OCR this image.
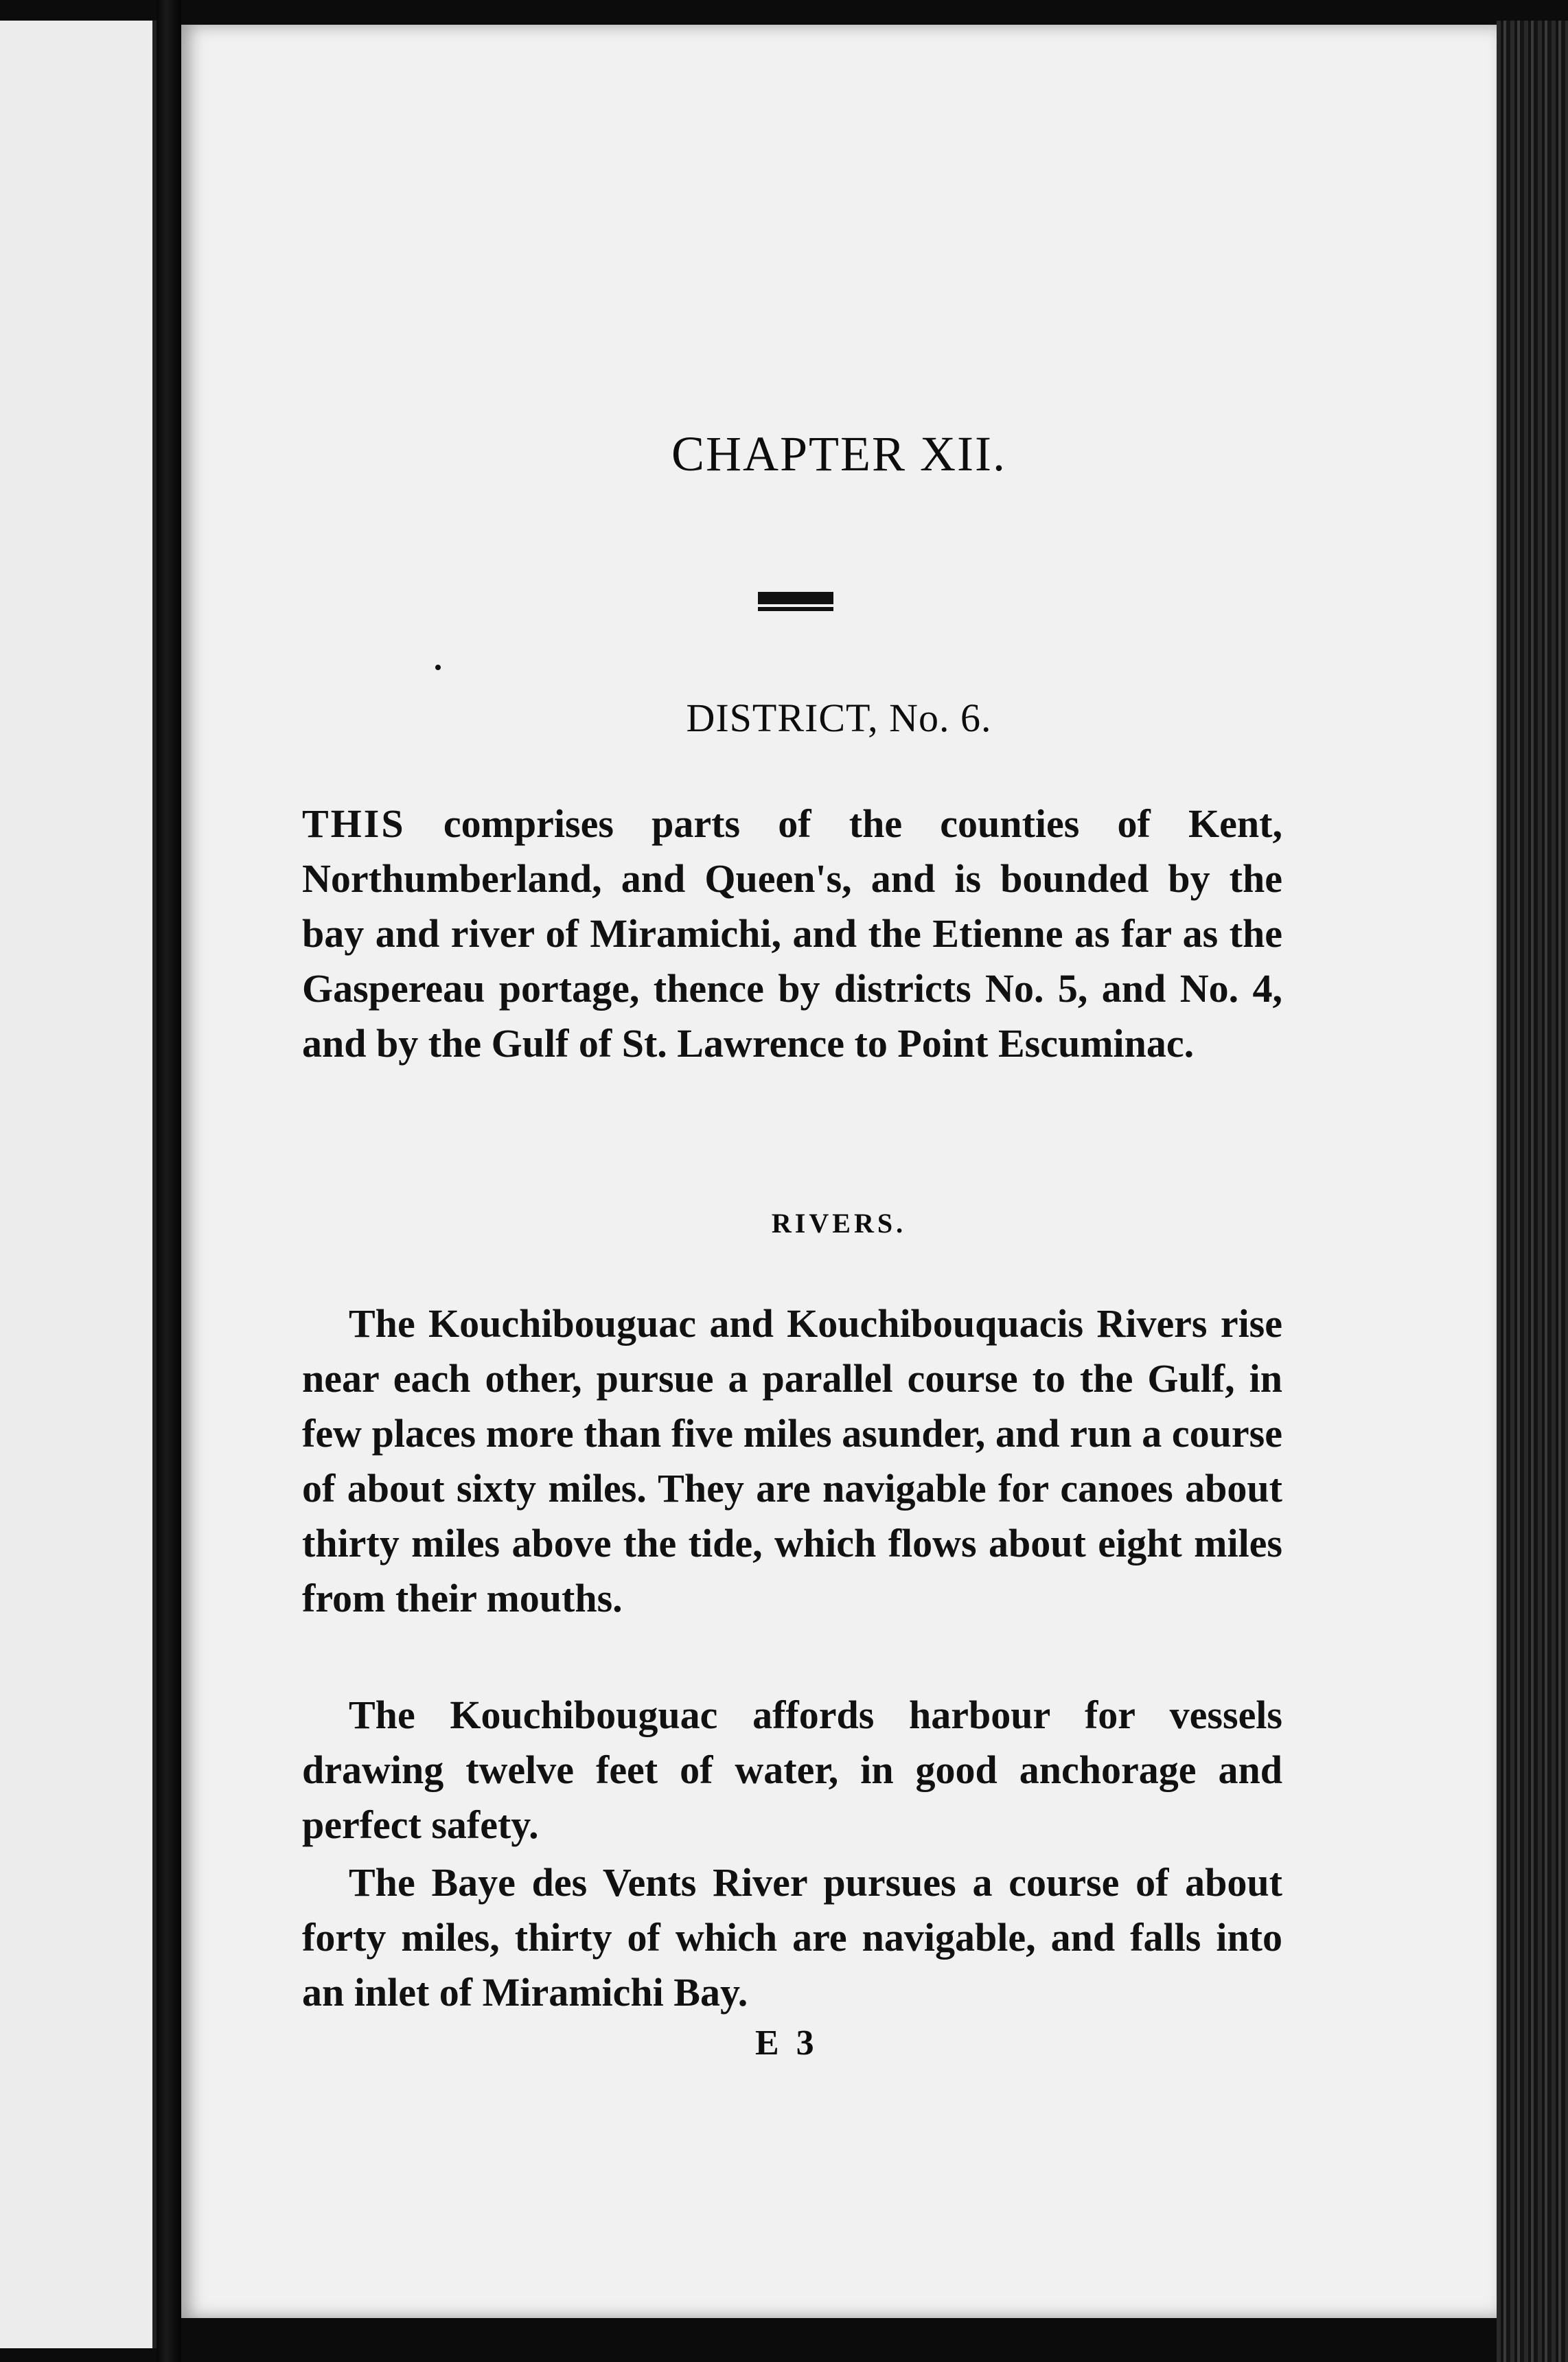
CHAPTER XII.
DISTRICT, No. 6.

THIS comprises parts of the counties of Kent, Northumberland, and Queen's, and is bounded by the bay and river of Miramichi, and the Etienne as far as the Gaspereau portage, thence by districts No. 5, and No. 4, and by the Gulf of St. Lawrence to Point Escuminac.

RIVERS.

The Kouchibouguac and Kouchibouquacis Rivers rise near each other, pursue a parallel course to the Gulf, in few places more than five miles asunder, and run a course of about sixty miles. They are navigable for canoes about thirty miles above the tide, which flows about eight miles from their mouths.

The Kouchibouguac affords harbour for vessels drawing twelve feet of water, in good anchorage and perfect safety.

The Baye des Vents River pursues a course of about forty miles, thirty of which are navigable, and falls into an inlet of Miramichi Bay.

E 3
